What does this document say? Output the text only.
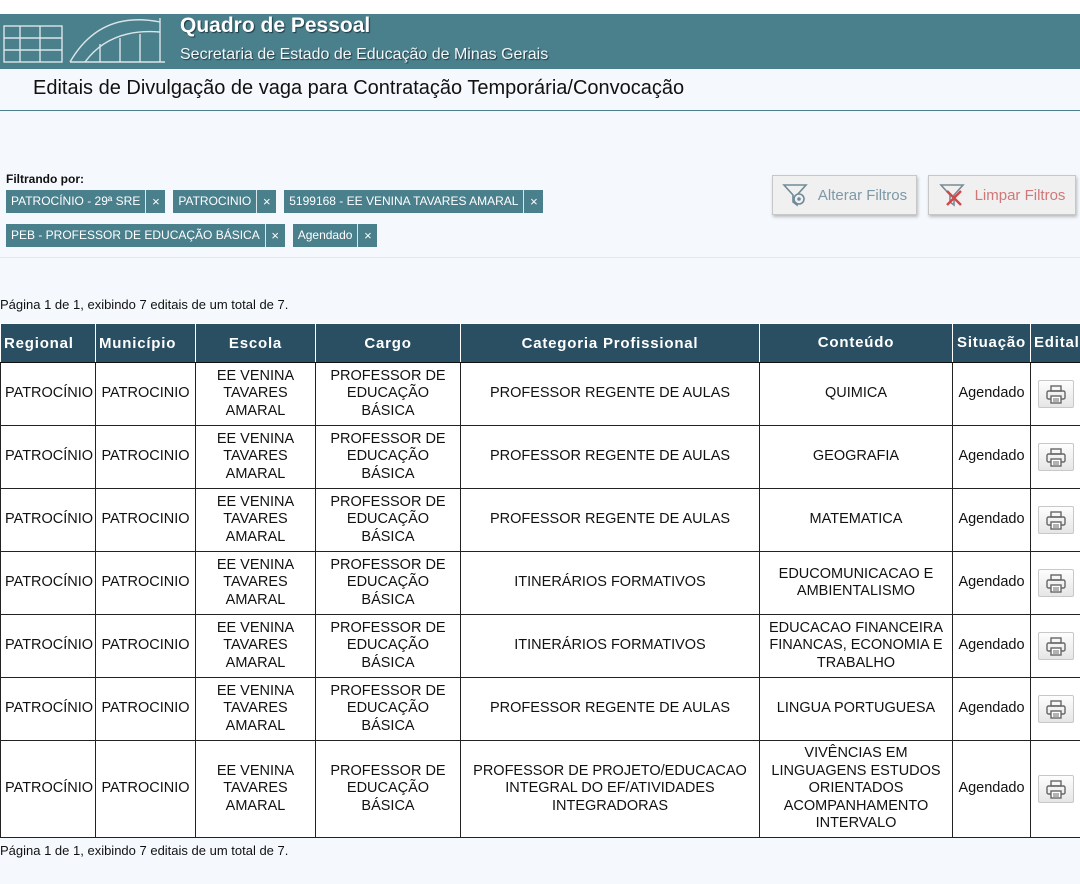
Quadro de Pessoal
Secretaria de Estado de Educação de Minas Gerais
Editais de Divulgação de vaga para Contratação Temporária/Convocação
Filtrando por:
PATROCÍNIO - 29ª SRE ×	PATROCINIO ×	5199168 - EE VENINA TAVARES AMARAL ×
PEB - PROFESSOR DE EDUCAÇÃO BÁSICA ×	Agendado ×
Alterar Filtros	Limpar Filtros
Página 1 de 1, exibindo 7 editais de um total de 7.
Regional	Município	Escola	Cargo	Categoria Profissional	Conteúdo	Situação	Edital
PATROCÍNIO	PATROCINIO	EE VENINA TAVARES AMARAL	PROFESSOR DE EDUCAÇÃO BÁSICA	PROFESSOR REGENTE DE AULAS	QUIMICA	Agendado	
PATROCÍNIO	PATROCINIO	EE VENINA TAVARES AMARAL	PROFESSOR DE EDUCAÇÃO BÁSICA	PROFESSOR REGENTE DE AULAS	GEOGRAFIA	Agendado	
PATROCÍNIO	PATROCINIO	EE VENINA TAVARES AMARAL	PROFESSOR DE EDUCAÇÃO BÁSICA	PROFESSOR REGENTE DE AULAS	MATEMATICA	Agendado	
PATROCÍNIO	PATROCINIO	EE VENINA TAVARES AMARAL	PROFESSOR DE EDUCAÇÃO BÁSICA	ITINERÁRIOS FORMATIVOS	EDUCOMUNICACAO E AMBIENTALISMO	Agendado	
PATROCÍNIO	PATROCINIO	EE VENINA TAVARES AMARAL	PROFESSOR DE EDUCAÇÃO BÁSICA	ITINERÁRIOS FORMATIVOS	EDUCACAO FINANCEIRA FINANCAS, ECONOMIA E TRABALHO	Agendado	
PATROCÍNIO	PATROCINIO	EE VENINA TAVARES AMARAL	PROFESSOR DE EDUCAÇÃO BÁSICA	PROFESSOR REGENTE DE AULAS	LINGUA PORTUGUESA	Agendado	
PATROCÍNIO	PATROCINIO	EE VENINA TAVARES AMARAL	PROFESSOR DE EDUCAÇÃO BÁSICA	PROFESSOR DE PROJETO/EDUCACAO INTEGRAL DO EF/ATIVIDADES INTEGRADORAS	VIVÊNCIAS EM LINGUAGENS ESTUDOS ORIENTADOS ACOMPANHAMENTO INTERVALO	Agendado	
Página 1 de 1, exibindo 7 editais de um total de 7.
